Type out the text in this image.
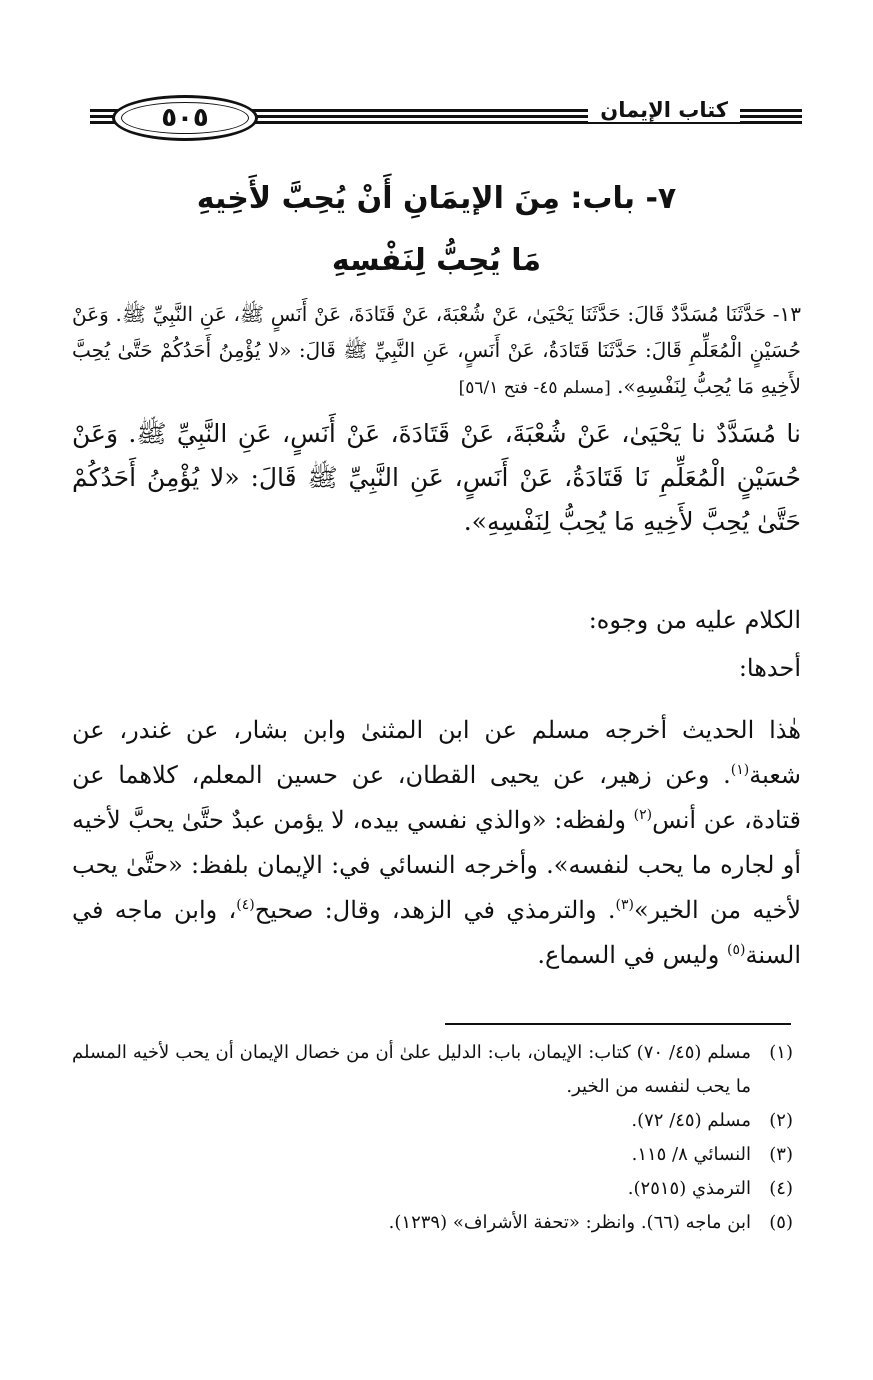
٥٠٥	كتاب الإيمان
٧- باب: مِنَ الإيمَانِ أَنْ يُحِبَّ لأَخِيهِ
مَا يُحِبُّ لِنَفْسِهِ
١٣- حَدَّثَنَا مُسَدَّدٌ قَالَ: حَدَّثَنَا يَحْيَىٰ، عَنْ شُعْبَةَ، عَنْ قَتَادَةَ، عَنْ أَنَسٍ ﷺ، عَنِ النَّبِيِّ ﷺ. وَعَنْ حُسَيْنٍ الْمُعَلِّمِ قَالَ: حَدَّثَنَا قَتَادَةُ، عَنْ أَنَسٍ، عَنِ النَّبِيِّ ﷺ قَالَ: «لا يُؤْمِنُ أَحَدُكُمْ حَتَّىٰ يُحِبَّ لأَخِيهِ مَا يُحِبُّ لِنَفْسِهِ». [مسلم ٤٥- فتح ٥٦/١]
نا مُسَدَّدٌ نا يَحْيَىٰ، عَنْ شُعْبَةَ، عَنْ قَتَادَةَ، عَنْ أَنَسٍ، عَنِ النَّبِيِّ ﷺ. وَعَنْ حُسَيْنٍ الْمُعَلِّمِ نَا قَتَادَةُ، عَنْ أَنَسٍ، عَنِ النَّبِيِّ ﷺ قَالَ: «لا يُؤْمِنُ أَحَدُكُمْ حَتَّىٰ يُحِبَّ لأَخِيهِ مَا يُحِبُّ لِنَفْسِهِ».
الكلام عليه من وجوه:
أحدها:
هٰذا الحديث أخرجه مسلم عن ابن المثنىٰ وابن بشار، عن غندر، عن شعبة$^{(١)}$. وعن زهير، عن يحيى القطان، عن حسين المعلم، كلاهما عن قتادة، عن أنس$^{(٢)}$ ولفظه: «والذي نفسي بيده، لا يؤمن عبدٌ حتَّىٰ يحبَّ لأخيه أو لجاره ما يحب لنفسه». وأخرجه النسائي في: الإيمان بلفظ: «حتَّىٰ يحب لأخيه من الخير»$^{(٣)}$. والترمذي في الزهد، وقال: صحيح$^{(٤)}$، وابن ماجه في السنة$^{(٥)}$ وليس في السماع.
(١)
مسلم (٤٥/ ٧٠) كتاب: الإيمان، باب: الدليل علىٰ أن من خصال الإيمان أن يحب لأخيه المسلم ما يحب لنفسه من الخير.
(٢)
مسلم (٤٥/ ٧٢).
(٣)
النسائي ٨/ ١١٥.
(٤)
الترمذي (٢٥١٥).
(٥)
ابن ماجه (٦٦). وانظر: «تحفة الأشراف» (١٢٣٩).
